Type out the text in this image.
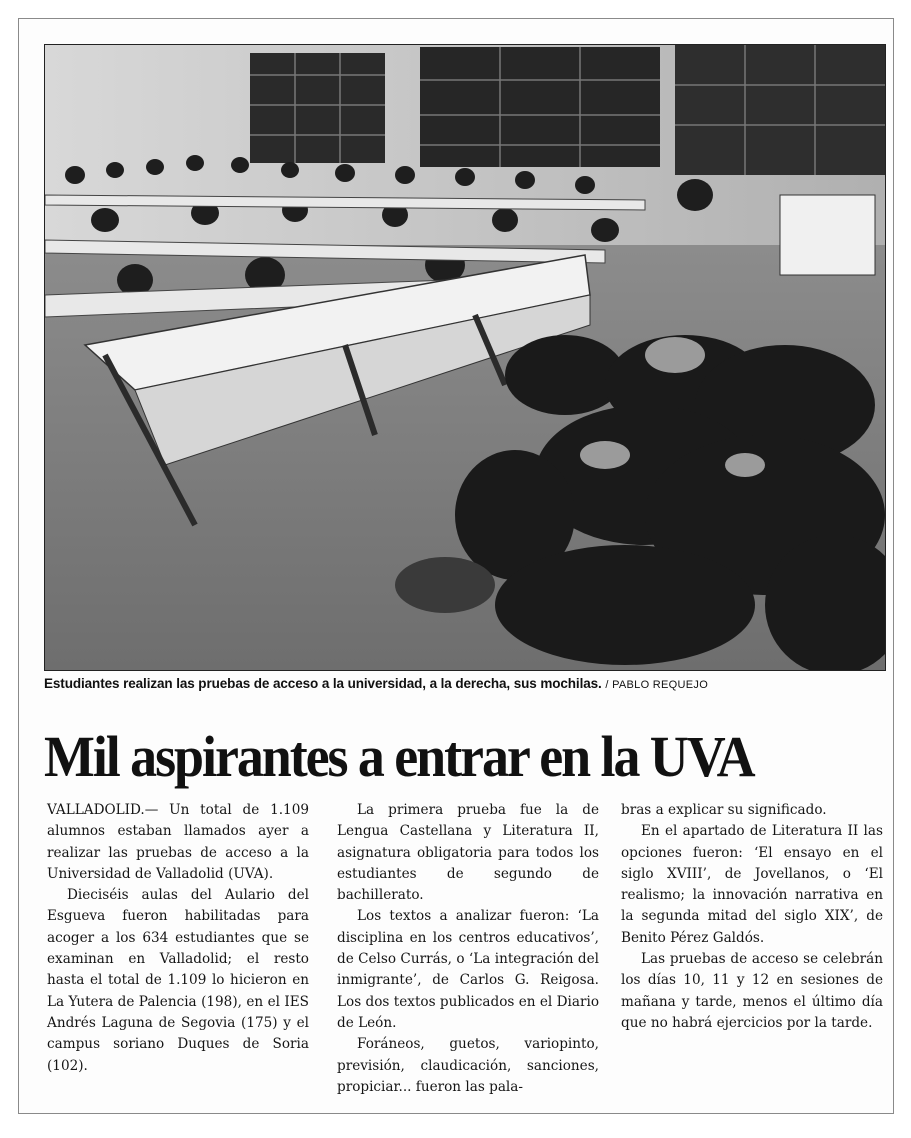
Estudiantes realizan las pruebas de acceso a la universidad, a la derecha, sus mochilas. / PABLO REQUEJO
Mil aspirantes a entrar en la UVA

VALLADOLID.— Un total de 1.109 alumnos estaban llamados ayer a realizar las pruebas de acceso a la Universidad de Valladolid (UVA).

Dieciséis aulas del Aulario del Esgueva fueron habilitadas para acoger a los 634 estudiantes que se examinan en Valladolid; el resto hasta el total de 1.109 lo hicieron en La Yutera de Palencia (198), en el IES Andrés Laguna de Segovia (175) y el campus soriano Duques de Soria (102).

La primera prueba fue la de Lengua Castellana y Literatura II, asignatura obligatoria para todos los estudiantes de segundo de bachillerato.

Los textos a analizar fueron: ‘La disciplina en los centros educativos’, de Celso Currás, o ‘La integración del inmigrante’, de Carlos G. Reigosa. Los dos textos publicados en el Diario de León.

Foráneos, guetos, variopinto, previsión, claudicación, sanciones, propiciar... fueron las pala-

bras a explicar su significado.

En el apartado de Literatura II las opciones fueron: ‘El ensayo en el siglo XVIII’, de Jovellanos, o ‘El realismo; la innovación narrativa en la segunda mitad del siglo XIX’, de Benito Pérez Galdós.

Las pruebas de acceso se celebrán los días 10, 11 y 12 en sesiones de mañana y tarde, menos el último día que no habrá ejercicios por la tarde.
